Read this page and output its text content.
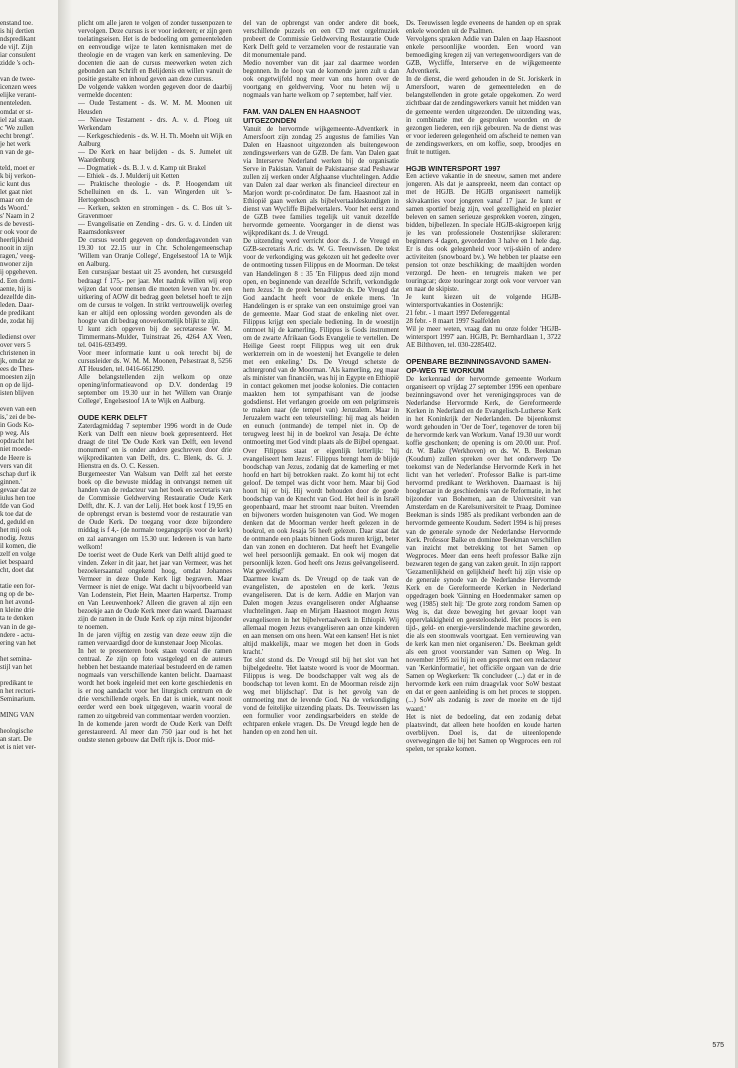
enstand toe.
is hij dertien
ndspredikant
de vijf. Zijn
iar consulent
zidde 's och-
van de twee-
icenzen wees
elijke verant-
nenteleden.
omdat er st-
iel zal staan.
c 'We zullen
echt brengt'.
je het werk
n van de ge-
teld, moet er
k bij verkon-
ic kunt dus
let gaat niet
maar om de
ds Woord.'
s' Naam in 2
s de bevesti-
r ook voor de
heerlijkheid
nooit in zijn
ragen,' veeg-
nwoner zijn
ij opgeheven.
d. Een domi-
aente, hij is
dezelfde din-
leden. Daar-
de predikant
de, zodat hij
ledienst over
over vers 5
christenen in
jk, omdat ze
ees de Thes-
moesten zijn
n op de lijd-
isten blijven
even van een
is,' zei de be-
in Gods Ko-
p weg. Als
opdracht het
niet moede-
de Heere is
vers van dit
schap durf ik
ginnen.'
gevaar dat ze
iulus hen toe
fde van God
k toe dat de
d, geduld en
het mij ook
nodig. Jezus
il komen, die
zelf en volge
iet bespaard
cht, doet dat
tatie een for-
ng op de be-
n het avond-
n kleine drie
ta te denken
van in de ge-
ndere - actu-
ering van het
het semina-
stijl van het
predikant te
n het rectori-
Seminarium.
MING VAN
heologische
an start. De
et is niet ver-

plicht om alle jaren te volgen of zonder tussenpozen te vervolgen. Deze cursus is er voor iedereen; er zijn geen toelatingseisen. Het is de bedoeling om gemeenteleden en eenvoudige wijze te laten kennismaken met de theologie en de vragen van kerk en samenleving. De docenten die aan de cursus meewerken weten zich gebonden aan Schrift en Belijdenis en willen vanuit de positie gestalte en inhoud geven aan deze cursus.

De volgende vakken worden gegeven door de daarbij vermelde docenten:

— Oude Testament - ds. W. M. M. Moonen uit Heusden

— Nieuwe Testament - drs. A. v. d. Ploeg uit Werkendam

— Kerkgeschiedenis - ds. W. H. Th. Moehn uit Wijk en Aalburg

— De Kerk en haar belijden - ds. S. Jumelet uit Waardenburg

— Dogmatiek - ds. B. J. v. d. Kamp uit Brakel

— Ethiek - ds. J. Mulderij uit Ketten

— Praktische theologie - ds. P. Hoogendam uit Schelluinen en ds. L. van Wingerden uit 's-Hertogenbosch

— Kerken, sekten en stromingen - ds. C. Bos uit 's-Gravenmoer

— Evangelisatie en Zending - drs. G. v. d. Linden uit Raamsdonksveer

De cursus wordt gegeven op donderdagavonden van 19.30 tot 22.15 uur in Chr. Scholengemeenschap 'Willem van Oranje College', Engelsestoof 1A te Wijk en Aalburg.

Een cursusjaar bestaat uit 25 avonden, het cursusgeld bedraagt f 175,- per jaar. Met nadruk willen wij erop wijzen dat voor mensen die moeten leven van bv. een uitkering of AOW dit bedrag geen beletsel hoeft te zijn om de cursus te volgen. In strikt vertrouwelijk overleg kan er altijd een oplossing worden gevonden als de hoogte van dit bedrag onoverkomelijk blijkt te zijn.

U kunt zich opgeven bij de secretaresse W. M. Timmermans-Mulder, Tuinstraat 26, 4264 AX Veen, tel. 0416-693499.

Voor meer informatie kunt u ook terecht bij de cursusleider ds. W. M. M. Moonen, Pelsestraat 8, 5256 AT Heusden, tel. 0416-661290.

Alle belangstellenden zijn welkom op onze opening/informatieavond op D.V. donderdag 19 september om 19.30 uur in het 'Willem van Oranje College', Engelsestoof 1A te Wijk en Aalburg.

OUDE KERK DELFT

Zaterdagmiddag 7 september 1996 wordt in de Oude Kerk van Delft een nieuw boek gepresenteerd. Het draagt de titel 'De Oude Kerk van Delft, een levend monument' en is onder andere geschreven door drie wijkpredikanten van Delft, drs. C. Blenk, ds. G. J. Hienstra en ds. O. C. Kessen.

Burgemeester Van Walsum van Delft zal het eerste boek op die bewuste middag in ontvangst nemen uit handen van de redacteur van het boek en secretaris van de Commissie Geldwerving Restauratie Oude Kerk Delft, dhr. K. J. van der Lelij. Het boek kost f 19,95 en de opbrengst ervan is bestemd voor de restauratie van de Oude Kerk. De toegang voor deze bijzondere middag is f 4,- (de normale toegangsprijs voor de kerk) en zal aanvangen om 15.30 uur. Iedereen is van harte welkom!

De toerist weet de Oude Kerk van Delft altijd goed te vinden. Zeker in dit jaar, het jaar van Vermeer, was het bezoekersaantal ongekend hoog, omdat Johannes Vermeer in deze Oude Kerk ligt begraven. Maar Vermeer is niet de enige. Wat dacht u bijvoorbeeld van Van Lodenstein, Piet Hein, Maarten Harpertsz. Tromp en Van Leeuwenhoek? Alleen die graven al zijn een bezoekje aan de Oude Kerk meer dan waard. Daarnaast zijn de ramen in de Oude Kerk op zijn minst bijzonder te noemen.

In de jaren vijftig en zestig van deze eeuw zijn die ramen vervaardigd door de kunstenaar Joep Nicolas.

In het te presenteren boek staan vooral die ramen centraal. Ze zijn op foto vastgelegd en de auteurs hebben het bestaande materiaal bestudeerd en de ramen nogmaals van verschillende kanten belicht. Daarnaast wordt het boek ingeleid met een korte geschiedenis en is er nog aandacht voor het liturgisch centrum en de drie verschillende orgels. En dat is uniek, want nooit eerder werd een boek uitgegeven, waarin vooral de ramen zo uitgebreid van commentaar werden voorzien.

In de komende jaren wordt de Oude Kerk van Delft gerestaureerd. Al meer dan 750 jaar oud is het het oudste stenen gebouw dat Delft rijk is. Door mid-

del van de opbrengst van onder andere dit boek, verschillende puzzels en een CD met orgelmuziek probeert de Commissie Geldwerving Restauratie Oude Kerk Delft geld te verzamelen voor de restauratie van dit monumentale pand.

Medio november van dit jaar zal daarmee worden begonnen. In de loop van de komende jaren zult u dan ook ongetwijfeld nog meer van ons horen over de voortgang en geldwerving. Voor nu heten wij u nogmaals van harte welkom op 7 september, half vier.

FAM. VAN DALEN EN HAASNOOT UITGEZONDEN

Vanuit de hervormde wijkgemeente-Adventkerk in Amersfoort zijn zondag 25 augustus de families Van Dalen en Haasnoot uitgezonden als buitengewoon zendingswerkers van de GZB. De fam. Van Dalen gaat via Interserve Nederland werken bij de organisatie Serve in Pakistan. Vanuit de Pakistaanse stad Peshawar zullen zij werken onder Afghaanse vluchtelingen. Addie van Dalen zal daar werken als financieel directeur en Marjon wordt pr-coördinator. De fam. Haasnoot zal in Ethiopië gaan werken als bijbelvertaaldeskundigen in dienst van Wycliffe Bijbelvertalers. Voor het eerst zond de GZB twee families tegelijk uit vanuit dezelfde hervormde gemeente. Voorganger in de dienst was wijkpredikant ds. J. de Vreugd.

De uitzending werd verricht door ds. J. de Vreugd en GZB-secretaris A.ric. ds. W. G. Teeuwissen. De tekst voor de verkondiging was gekozen uit het gedeelte over de ontmoeting tussen Filippus en de Moorman. De tekst van Handelingen 8 : 35 'En Filippus deed zijn mond open, en beginnende van dezelfde Schrift, verkondigde hem Jezus.' In de preek benadrukte ds. De Vreugd dat God aandacht heeft voor de enkele mens. 'In Handelingen is er sprake van een onstuimige groei van de gemeente. Maar God staat de enkeling niet over. Filippus krijgt een speciale bediening. In de woestijn ontmoet hij de kamerling. Filippus is Gods instrument om de zwarte Afrikaan Gods Evangelie te vertellen. De Heilige Geest roept Filippus weg uit een druk werkterrein om in de woestenij het Evangelie te delen met een enkeling.' Ds. De Vreugd schetste de achtergrond van de Moorman. 'Als kamerling, zeg maar als minister van financiën, was hij in Egypte en Ethiopië in contact gekomen met joodse kolonies. Die contacten maakten hem tot sympathisant van de joodse godsdienst. Het verlangen groeide om een pelgrimsreis te maken naar (de tempel van) Jeruzalem. Maar in Jeruzalem wacht een teleurstelling: hij mag als heiden en eunuch (ontmande) de tempel niet in. Op de terugweg leest hij in de boekrol van Jesaja. De échte ontmoeting met God vindt plaats als de Bijbel opengaat. Over Filippus staat er eigenlijk letterlijk: 'hij evangeliseert hem Jezus'. Filippus brengt hem de blijde boodschap van Jezus, zodanig dat de kamerling er met hoofd en hart bij betrokken raakt. Zo komt hij tot echt geloof. De tempel was dicht voor hem. Maar bij God hoort hij er bij. Hij wordt behouden door de goede boodschap van de Knecht van God. Het heil is in Israël geopenbaard, maar het stroomt naar buiten. Vreemden en bijwoners worden huisgenoten van God. We mogen denken dat de Moorman verder heeft gelezen in de boekrol, en ook Jesaja 56 heeft gelezen. Daar staat dat de ontmande een plaats binnen Gods muren krijgt, beter dan van zonen en dochteren. Dat heeft het Evangelie wel heel persoonlijk gemaakt. En ook wij mogen dat persoonlijk lezen. God heeft ons Jezus geëvangeliseerd. Wat geweldig!'

Daarmee kwam ds. De Vreugd op de taak van de evangelisten, de apostelen en de kerk. 'Jezus evangeliseren. Dat is de kern. Addie en Marjon van Dalen mogen Jezus evangeliseren onder Afghaanse vluchtelingen. Jaap en Mirjam Haasnoot mogen Jezus evangeliseren in het bijbelvertaalwerk in Ethiopië. Wij allemaal mogen Jezus evangeliseren aan onze kinderen en aan mensen om ons heen. Wat een kansen! Het is niet altijd makkelijk, maar we mogen het doen in Gods kracht.'

Tot slot stond ds. De Vreugd stil bij het slot van het bijbelgedeelte. 'Het laatste woord is voor de Moorman. Filippus is weg. De boodschapper valt weg als de boodschap tot leven komt. En de Moorman reisde zijn weg met blijdschap'. Dat is het gevolg van de ontmoeting met de levende God. Na de verkondiging vond de feitelijke uitzending plaats. Ds. Teeuwissen las een formulier voor zendingsarbeiders en stelde de echtparen enkele vragen. Ds. De Vreugd legde hen de handen op en zond hen uit.

Ds. Teeuwissen legde eveneens de handen op en sprak enkele woorden uit de Psalmen.

Vervolgens spraken Addie van Dalen en Jaap Haasnoot enkele persoonlijke woorden. Een woord van bemoediging kregen zij van vertegenwoordigers van de GZB, Wycliffe, Interserve en de wijkgemeente Adventkerk.

In de dienst, die werd gehouden in de St. Joriskerk in Amersfoort, waren de gemeenteleden en de belangstellenden in grote getale opgekomen. Zo werd zichtbaar dat de zendingswerkers vanuit het midden van de gemeente werden uitgezonden. De uitzending was, in combinatie met de gesproken woorden en de gezongen liederen, een rijk gebeuren. Na de dienst was er voor iedereen gelegenheid om afscheid te nemen van de zendingswerkers, en om koffie, soep, broodjes en fruit te nuttigen.

HGJB WINTERSPORT 1997

Een actieve vakantie in de sneeuw, samen met andere jongeren. Als dat je aanspreekt, neem dan contact op met de HGJB. De HGJB organiseert namelijk skivakanties voor jongeren vanaf 17 jaar. Je kunt er samen sportief bezig zijn, veel gezelligheid en plezier beleven en samen serieuze gesprekken voeren, zingen, bidden, bijbellezen. In speciale HGJB-skigroepen krijg je les van professionele Oostenrijkse skileraren: beginners 4 dagen, gevorderden 3 halve en 1 hele dag. Er is dus ook gelegenheid voor vrij-skiën of andere activiteiten (snowboard bv.). We hebben ter plaatse een pension tot onze beschikking; de maaltijden worden verzorgd. De heen- en terugreis maken we per touringcar; deze touringcar zorgt ook voor vervoer van en naar de skipiste.

Je kunt kiezen uit de volgende HGJB-wintersportvakanties in Oostenrijk:

21 febr. - 1 maart 1997 Defereggental

28 febr. - 8 maart 1997 Saalfelden

Wil je meer weten, vraag dan nu onze folder 'HGJB-wintersport 1997' aan. HGJB, Pr. Bernhardlaan 1, 3722 AE Bilthoven, tel. 030-2285402.

OPENBARE BEZINNINGSAVOND SAMEN-OP-WEG TE WORKUM

De kerkenraad der hervormde gemeente Workum organiseert op vrijdag 27 september 1996 een openbare bezinningsavond over het verenigingsproces van de Nederlandse Hervormde Kerk, de Gereformeerde Kerken in Nederland en de Evangelisch-Lutherse Kerk in het Koninkrijk der Nederlanden. De bijeenkomst wordt gehouden in 'Oer de Toer', tegenover de toren bij de hervormde kerk van Workum. Vanaf 19.30 uur wordt koffie geschonken; de opening is om 20.00 uur. Prof. dr. W. Balke (Werkhoven) en ds. W. B. Beekman (Koudum) zullen spreken over het onderwerp 'De toekomst van de Nederlandse Hervormde Kerk in het licht van het verleden'. Professor Balke is part-time hervormd predikant te Werkhoven. Daarnaast is hij hoogleraar in de geschiedenis van de Reformatie, in het bijzonder van Bohemen, aan de Universiteit van Amsterdam en de Karelsuniversiteit te Praag. Dominee Beekman is sinds 1985 als predikant verbonden aan de hervormde gemeente Koudum. Sedert 1994 is hij preses van de generale synode der Nederlandse Hervormde Kerk. Professor Balke en dominee Beekman verschillen van inzicht met betrekking tot het Samen op Wegproces. Meer dan eens heeft professor Balke zijn bezwaren tegen de gang van zaken geuit. In zijn rapport 'Gezamenlijkheid en gelijkheid' heeft hij zijn visie op de generale synode van de Nederlandse Hervormde Kerk en de Gereformeerde Kerken in Nederland opgedragen boek 'Ginning en Hoedenmaker samen op weg (1985) stelt hij: 'De grote zorg rondom Samen op Weg is, dat deze beweging het gevaar loopt van oppervlakkigheid en geesteloosheid. Het proces is een tijd-, geld- en energie-verslindende machine geworden, die als een stoomwals voortgaat. Een vernieuwing van de kerk kan men niet organiseren.' Ds. Beekman geldt als een groot voorstander van Samen op Weg. In november 1995 zei hij in een gesprek met een redacteur van 'Kerkinformatie', het officiële orgaan van de drie Samen op Wegkerken: 'Ik concludeer (...) dat er in de hervormde kerk een ruim draagvlak voor SoW bestaat en dat er geen aanleiding is om het proces te stoppen. (...) SoW als zodanig is zeer de moeite en de tijd waard.'

Het is niet de bedoeling, dat een zodanig debat plaatsvindt, dat alleen hete hoofden en koude harten overblijven. Doel is, dat de uiteenlopende overwegingen die bij het Samen op Wegproces een rol spelen, ter sprake komen.

575
